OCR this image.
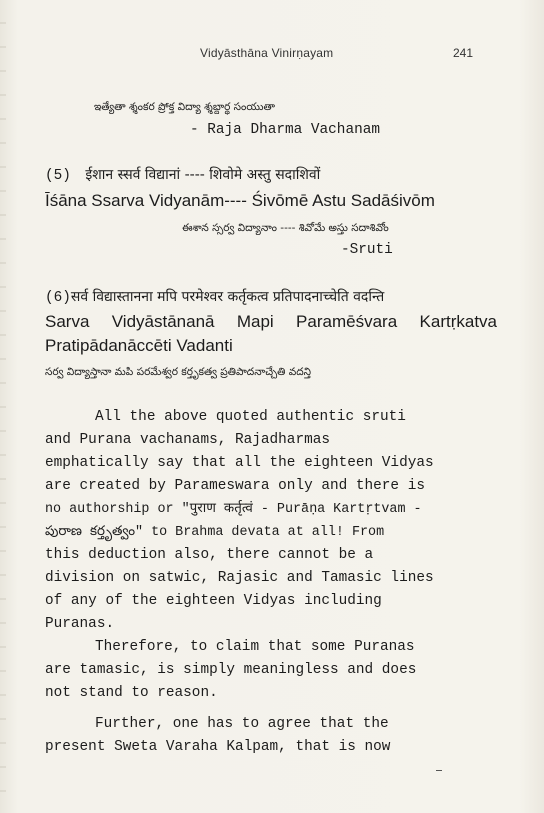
Vidyāsthāna Vinirṇayam	241
ఇత్యేతా శ్శంకర ప్రోక్త విద్యా శ్శబ్దార్థ సంయుతా
- Raja Dharma Vachanam
(5) ईशान स्सर्व विद्यानां ---- शिवोमे अस्तु सदाशिवों
Īśāna Ssarva Vidyanām---- Śivōmē Astu Sadāśivōm
ఈశాన స్సర్వ విద్యానాం ---- శివోమే అస్తు సదాశివోం
-Sruti
(6)सर्व विद्यास्तानना मपि परमेश्वर कर्तृकत्व प्रतिपादनाच्चेति वदन्ति
Sarva Vidyāstānanā Mapi Paramēśvara Kartṛkatva
Pratipādanāccēti Vadanti
సర్వ విద్యాస్తానా మపి పరమేశ్వర కర్తృకత్వ ప్రతిపాదనాచ్చేతి వదన్తి

All the above quoted authentic sruti

and Purana vachanams, Rajadharmas

emphatically say that all the eighteen Vidyas

are created by Parameswara only and there is

no authorship or "पुराण कर्तृत्वं - Purāṇa Kartṛtvam -

పురాణ కర్తృత్వం" to Brahma devata at all! From

this deduction also, there cannot be a

division on satwic, Rajasic and Tamasic lines

of any of the eighteen Vidyas including

Puranas.

Therefore, to claim that some Puranas

are tamasic, is simply meaningless and does

not stand to reason.

Further, one has to agree that the

present Sweta Varaha Kalpam, that is now
